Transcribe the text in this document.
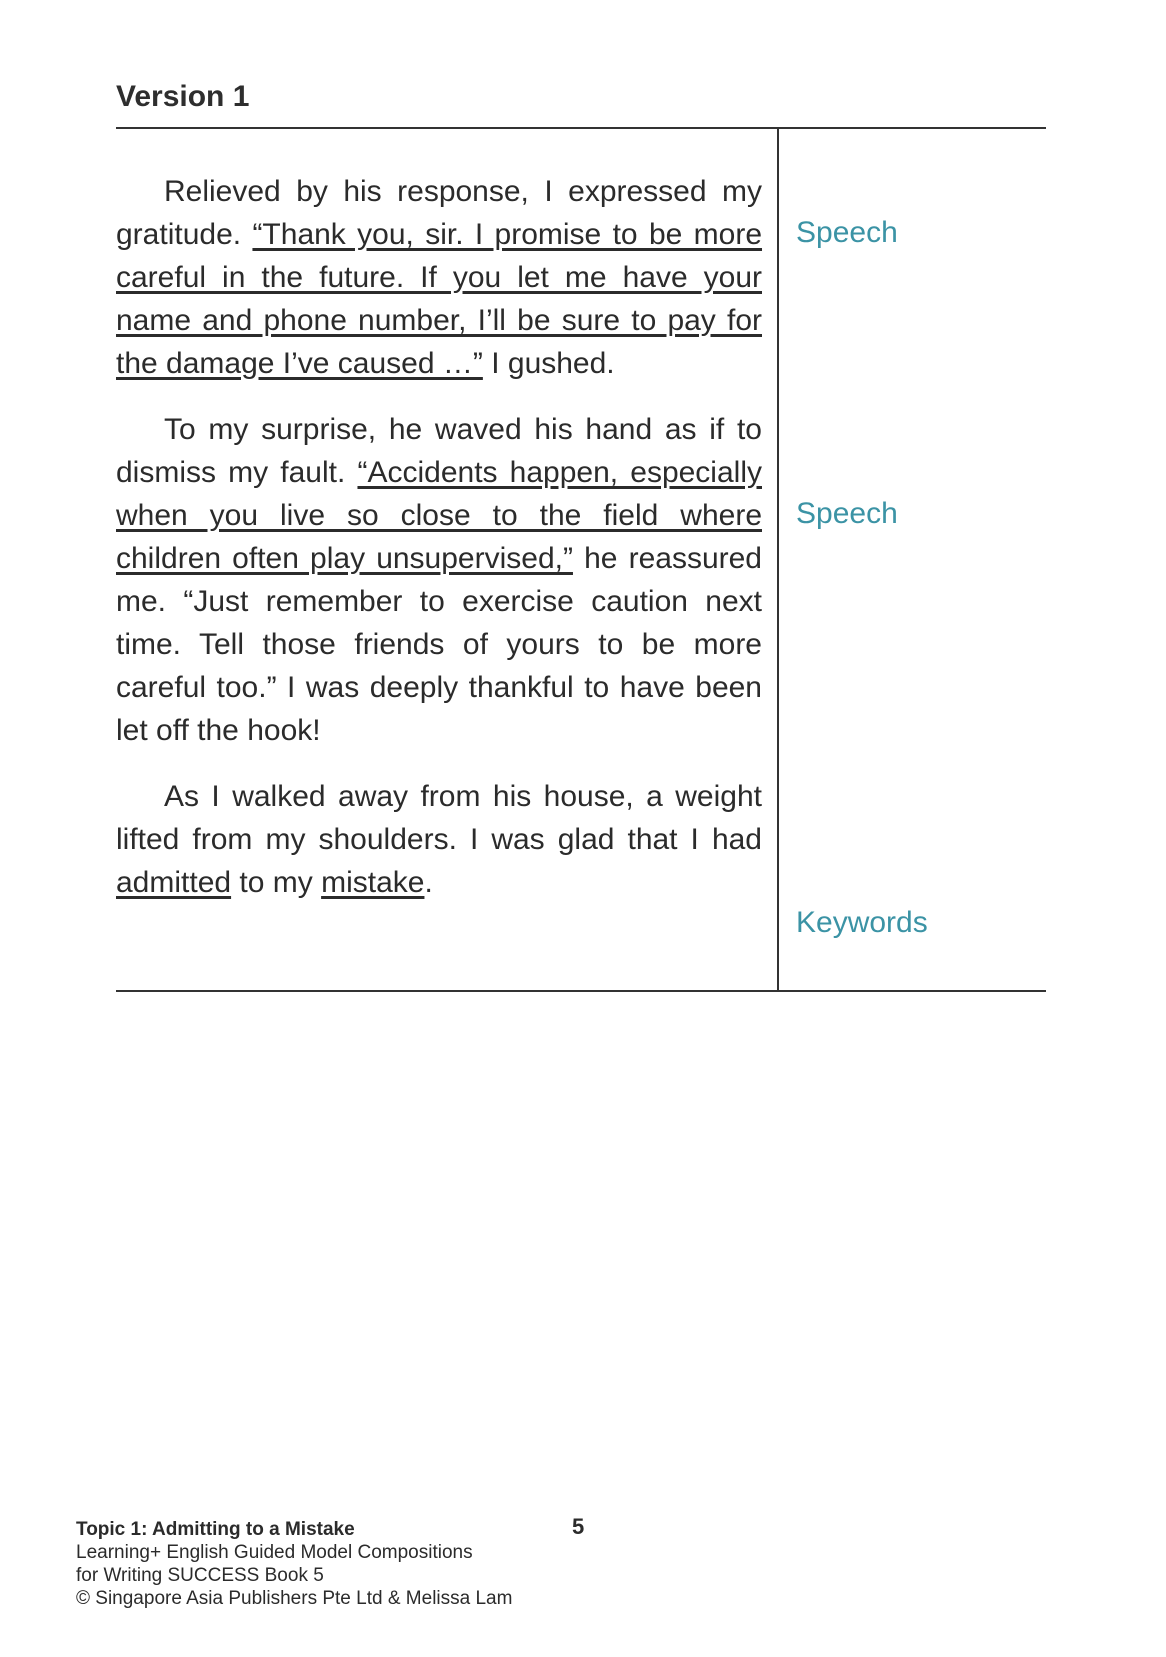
Version 1

Relieved by his response, I expressed my gratitude. “Thank you, sir. I promise to be more careful in the future. If you let me have your name and phone number, I’ll be sure to pay for the damage I’ve caused …” I gushed.

To my surprise, he waved his hand as if to dismiss my fault. “Accidents happen, especially when you live so close to the field where children often play unsupervised,” he reassured me. “Just remember to exercise caution next time. Tell those friends of yours to be more careful too.” I was deeply thankful to have been let off the hook!

As I walked away from his house, a weight lifted from my shoulders. I was glad that I had admitted to my mistake.

Speech
Speech
Keywords
Topic 1: Admitting to a Mistake
Learning+ English Guided Model Compositions
for Writing SUCCESS Book 5
© Singapore Asia Publishers Pte Ltd & Melissa Lam
5
